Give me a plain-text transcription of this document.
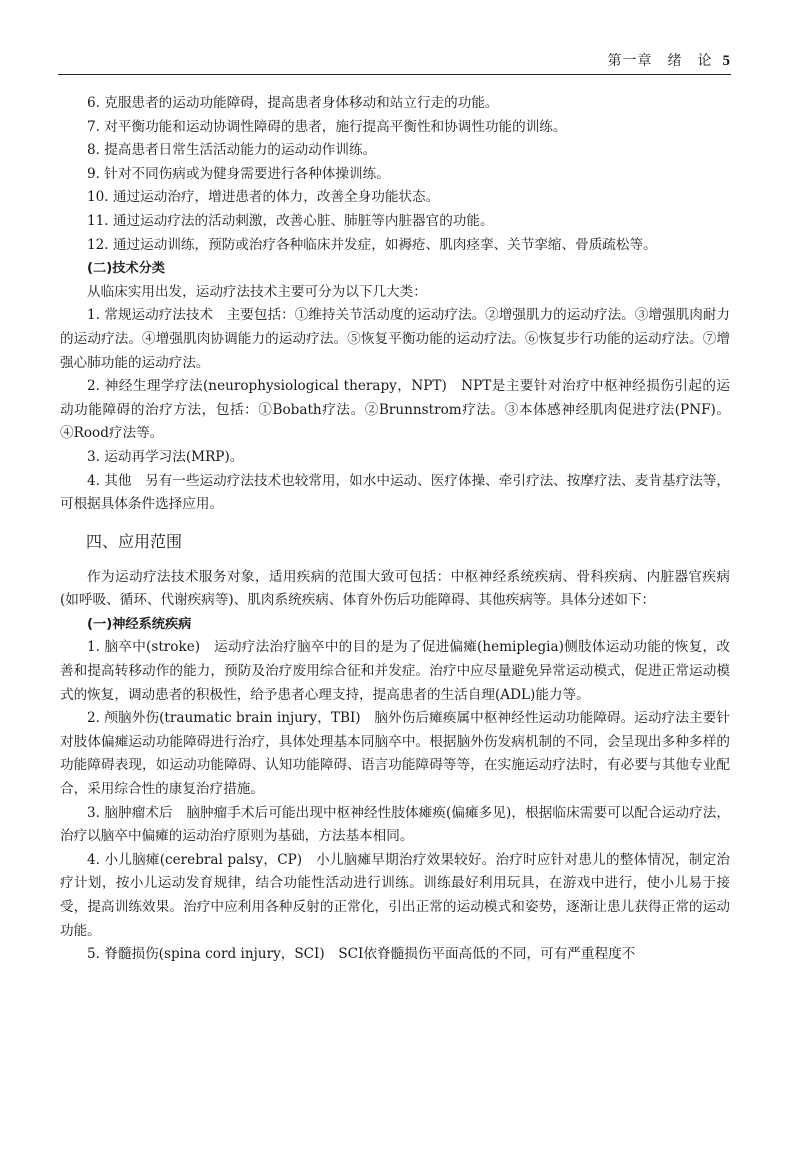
第一章　绪　论 5

6. 克服患者的运动功能障碍，提高患者身体移动和站立行走的功能。

7. 对平衡功能和运动协调性障碍的患者，施行提高平衡性和协调性功能的训练。

8. 提高患者日常生活活动能力的运动动作训练。

9. 针对不同伤病或为健身需要进行各种体操训练。

10. 通过运动治疗，增进患者的体力，改善全身功能状态。

11. 通过运动疗法的活动刺激，改善心脏、肺脏等内脏器官的功能。

12. 通过运动训练，预防或治疗各种临床并发症，如褥疮、肌肉痉挛、关节挛缩、骨质疏松等。

(二)技术分类

从临床实用出发，运动疗法技术主要可分为以下几大类：

1. 常规运动疗法技术　主要包括：①维持关节活动度的运动疗法。②增强肌力的运动疗法。③增强肌肉耐力的运动疗法。④增强肌肉协调能力的运动疗法。⑤恢复平衡功能的运动疗法。⑥恢复步行功能的运动疗法。⑦增强心肺功能的运动疗法。

2. 神经生理学疗法(neurophysiological therapy，NPT)　NPT是主要针对治疗中枢神经损伤引起的运动功能障碍的治疗方法，包括：①Bobath疗法。②Brunnstrom疗法。③本体感神经肌肉促进疗法(PNF)。④Rood疗法等。

3. 运动再学习法(MRP)。

4. 其他　另有一些运动疗法技术也较常用，如水中运动、医疗体操、牵引疗法、按摩疗法、麦肯基疗法等，可根据具体条件选择应用。

四、应用范围

作为运动疗法技术服务对象，适用疾病的范围大致可包括：中枢神经系统疾病、骨科疾病、内脏器官疾病(如呼吸、循环、代谢疾病等)、肌肉系统疾病、体育外伤后功能障碍、其他疾病等。具体分述如下：

(一)神经系统疾病

1. 脑卒中(stroke)　运动疗法治疗脑卒中的目的是为了促进偏瘫(hemiplegia)侧肢体运动功能的恢复，改善和提高转移动作的能力，预防及治疗废用综合征和并发症。治疗中应尽量避免异常运动模式，促进正常运动模式的恢复，调动患者的积极性，给予患者心理支持，提高患者的生活自理(ADL)能力等。

2. 颅脑外伤(traumatic brain injury，TBI)　脑外伤后瘫痪属中枢神经性运动功能障碍。运动疗法主要针对肢体偏瘫运动功能障碍进行治疗，具体处理基本同脑卒中。根据脑外伤发病机制的不同，会呈现出多种多样的功能障碍表现，如运动功能障碍、认知功能障碍、语言功能障碍等等，在实施运动疗法时，有必要与其他专业配合，采用综合性的康复治疗措施。

3. 脑肿瘤术后　脑肿瘤手术后可能出现中枢神经性肢体瘫痪(偏瘫多见)，根据临床需要可以配合运动疗法，治疗以脑卒中偏瘫的运动治疗原则为基础，方法基本相同。

4. 小儿脑瘫(cerebral palsy，CP)　小儿脑瘫早期治疗效果较好。治疗时应针对患儿的整体情况，制定治疗计划，按小儿运动发育规律，结合功能性活动进行训练。训练最好利用玩具，在游戏中进行，使小儿易于接受，提高训练效果。治疗中应利用各种反射的正常化，引出正常的运动模式和姿势，逐渐让患儿获得正常的运动功能。

5. 脊髓损伤(spina cord injury，SCI)　SCI依脊髓损伤平面高低的不同，可有严重程度不
